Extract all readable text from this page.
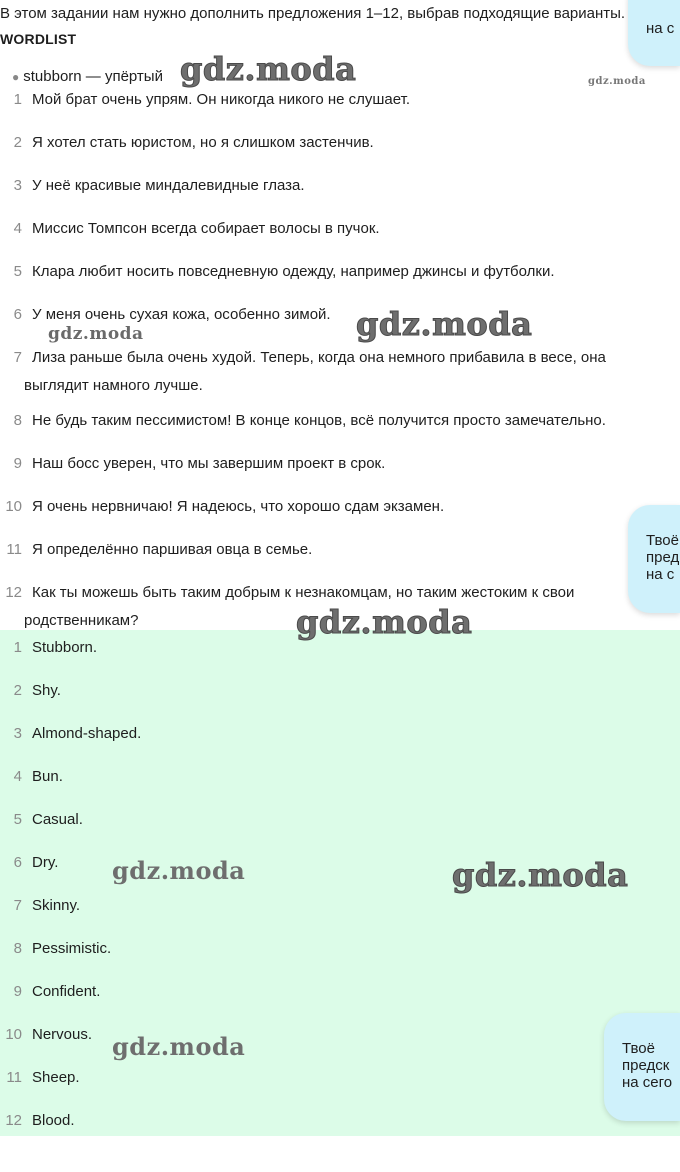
В этом задании нам нужно дополнить предложения 1–12, выбрав подходящие варианты.
WORDLIST
● stubborn — упёртый
1 Мой брат очень упрям. Он никогда никого не слушает.
2 Я хотел стать юристом, но я слишком застенчив.
3 У неё красивые миндалевидные глаза.
4 Миссис Томпсон всегда собирает волосы в пучок.
5 Клара любит носить повседневную одежду, например джинсы и футболки.
6 У меня очень сухая кожа, особенно зимой.
7 Лиза раньше была очень худой. Теперь, когда она немного прибавила в весе, она
выглядит намного лучше.
8 Не будь таким пессимистом! В конце концов, всё получится просто замечательно.
9 Наш босс уверен, что мы завершим проект в срок.
10 Я очень нервничаю! Я надеюсь, что хорошо сдам экзамен.
11 Я определённо паршивая овца в семье.
12 Как ты можешь быть таким добрым к незнакомцам, но таким жестоким к свои
родственникам?
1 Stubborn.
2 Shy.
3 Almond-shaped.
4 Bun.
5 Casual.
6 Dry.
7 Skinny.
8 Pessimistic.
9 Confident.
10 Nervous.
11 Sheep.
12 Blood.
gdz.moda	gdz.moda
gdz.moda	gdz.moda
gdz.moda
gdz.moda	gdz.moda
gdz.moda
на с
Твоё
пред
на с
Твоё
предск
на сего
